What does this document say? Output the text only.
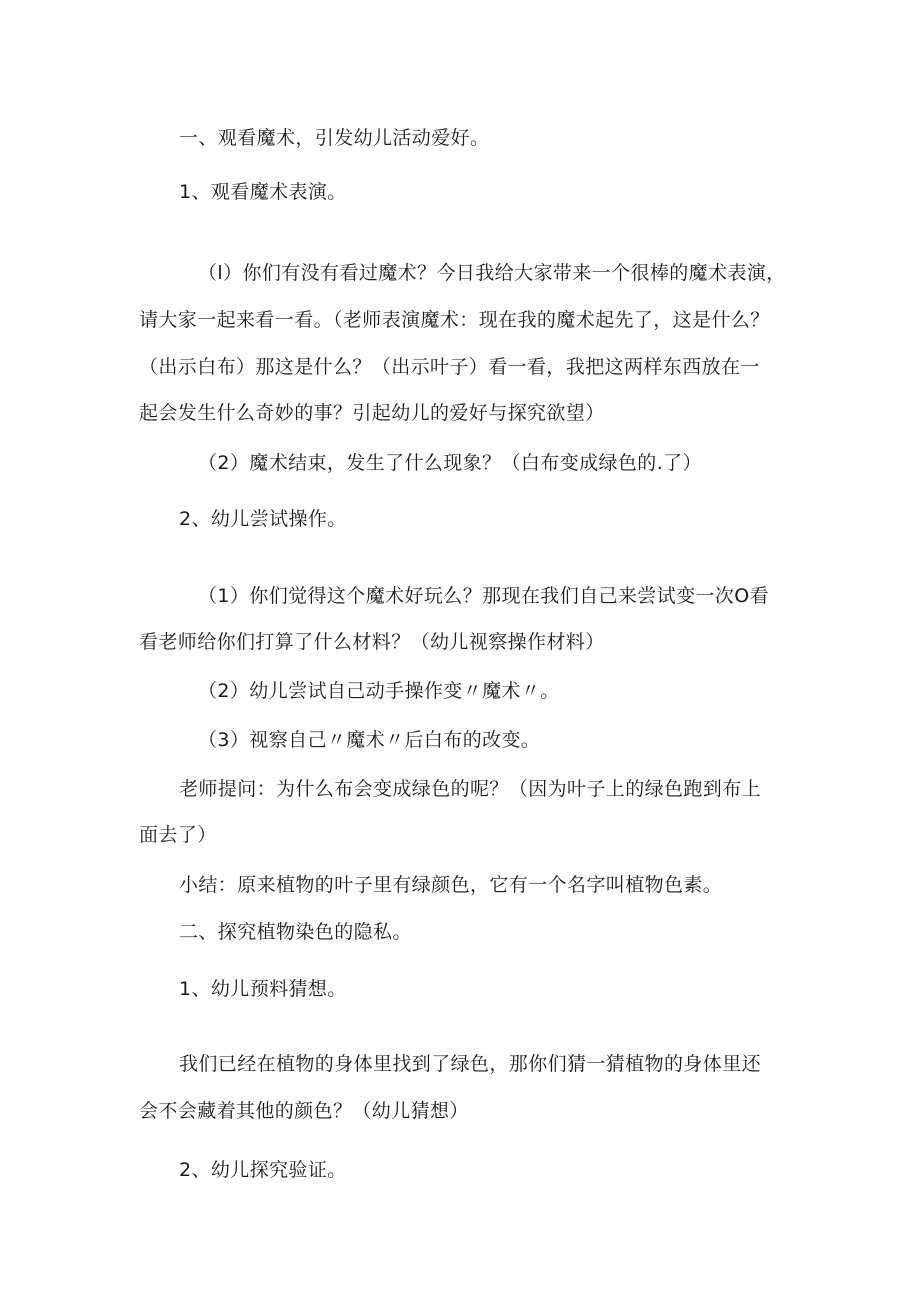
一、观看魔术，引发幼儿活动爱好。
1、观看魔术表演。
（l）你们有没有看过魔术？今日我给大家带来一个很棒的魔术表演，
请大家一起来看一看。（老师表演魔术：现在我的魔术起先了，这是什么？
（出示白布）那这是什么？（出示叶子）看一看，我把这两样东西放在一
起会发生什么奇妙的事？引起幼儿的爱好与探究欲望）
（2）魔术结束，发生了什么现象？（白布变成绿色的.了）
2、幼儿尝试操作。
（1）你们觉得这个魔术好玩么？那现在我们自己来尝试变一次O看
看老师给你们打算了什么材料？（幼儿视察操作材料）
（2）幼儿尝试自己动手操作变〃魔术〃。
（3）视察自己〃魔术〃后白布的改变。
老师提问：为什么布会变成绿色的呢？（因为叶子上的绿色跑到布上
面去了）
小结：原来植物的叶子里有绿颜色，它有一个名字叫植物色素。
二、探究植物染色的隐私。
1、幼儿预料猜想。
我们已经在植物的身体里找到了绿色，那你们猜一猜植物的身体里还
会不会藏着其他的颜色？（幼儿猜想）
2、幼儿探究验证。
